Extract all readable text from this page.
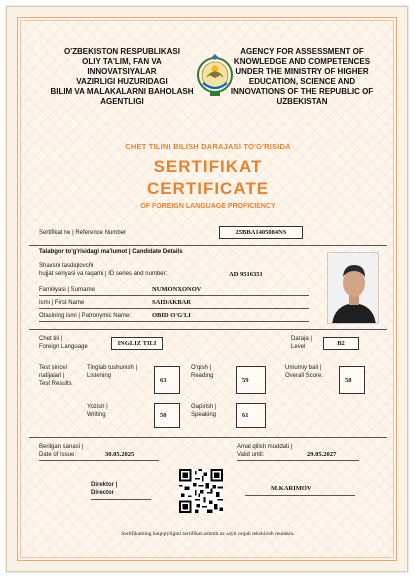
O'ZBEKISTON RESPUBLIKASI
OLIY TA'LIM, FAN VA INNOVATSIYALAR
VAZIRLIGI HUZURIDAGI
BILIM VA MALAKALARNI BAHOLASH
AGENTLIGI
AGENCY FOR ASSESSMENT OF
KNOWLEDGE AND COMPETENCES
UNDER THE MINISTRY OF HIGHER
EDUCATION, SCIENCE AND
INNOVATIONS OF THE REPUBLIC OF
UZBEKISTAN
CHET TILINI BILISH DARAJASI TO'G'RISIDA
SERTIFIKAT
CERTIFICATE
OF FOREIGN LANGUAGE PROFICIENCY
Sertifikat № | Reference Number	25BBA1405084NS
Talabgor to'g'risidagi ma'lumot | Candidate Details
Shaxsni tasdiqlovchi
hujjat seriyasi va raqami | ID series and number:	AD 9516351
Familiyasi | Surname	NUMONXONOV
Ismi | First Name	SAIDAKBAR
Otasining ismi | Patronymic Name:	OBID O'G'LI
Chet tili |
Foreign Language	INGLIZ TILI
Daraja |
Level	B2
Test sinovi
natijalari |
Test Results
Tinglab tushunish |
Listening
63
O'qish |
Reading
59
Umumiy ball |
Overall Score:
58
Yozish |
Writing	50
Gapirish |
Speaking	61
Berilgan sanasi |
Date of Issue:	30.05.2025
Amal qilish muddati |
Valid until:	29.05.2027
Direktor |
Director
M.KARIMOV
Sertifikatning haqiqiyligini sertifikat.uzbmb.uz sayti orqali tekshirish mumkin.
